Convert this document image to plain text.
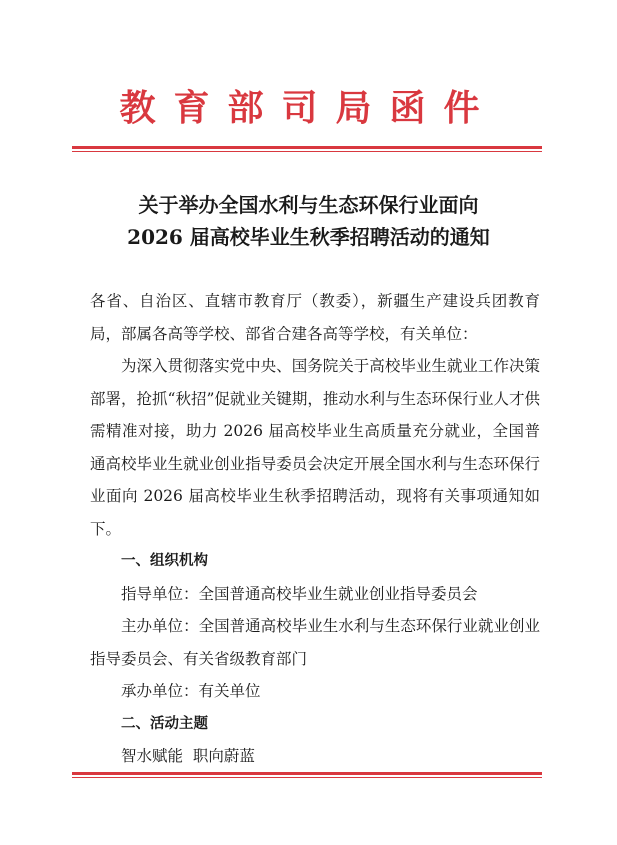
教育部司局函件
关于举办全国水利与生态环保行业面向
2026 届高校毕业生秋季招聘活动的通知

各省、自治区、直辖市教育厅（教委），新疆生产建设兵团教育局，部属各高等学校、部省合建各高等学校，有关单位：

为深入贯彻落实党中央、国务院关于高校毕业生就业工作决策部署，抢抓“秋招”促就业关键期，推动水利与生态环保行业人才供需精准对接，助力 2026 届高校毕业生高质量充分就业，全国普通高校毕业生就业创业指导委员会决定开展全国水利与生态环保行业面向 2026 届高校毕业生秋季招聘活动，现将有关事项通知如下。

一、组织机构

指导单位：全国普通高校毕业生就业创业指导委员会

主办单位：全国普通高校毕业生水利与生态环保行业就业创业指导委员会、有关省级教育部门

承办单位：有关单位

二、活动主题

智水赋能  职向蔚蓝
